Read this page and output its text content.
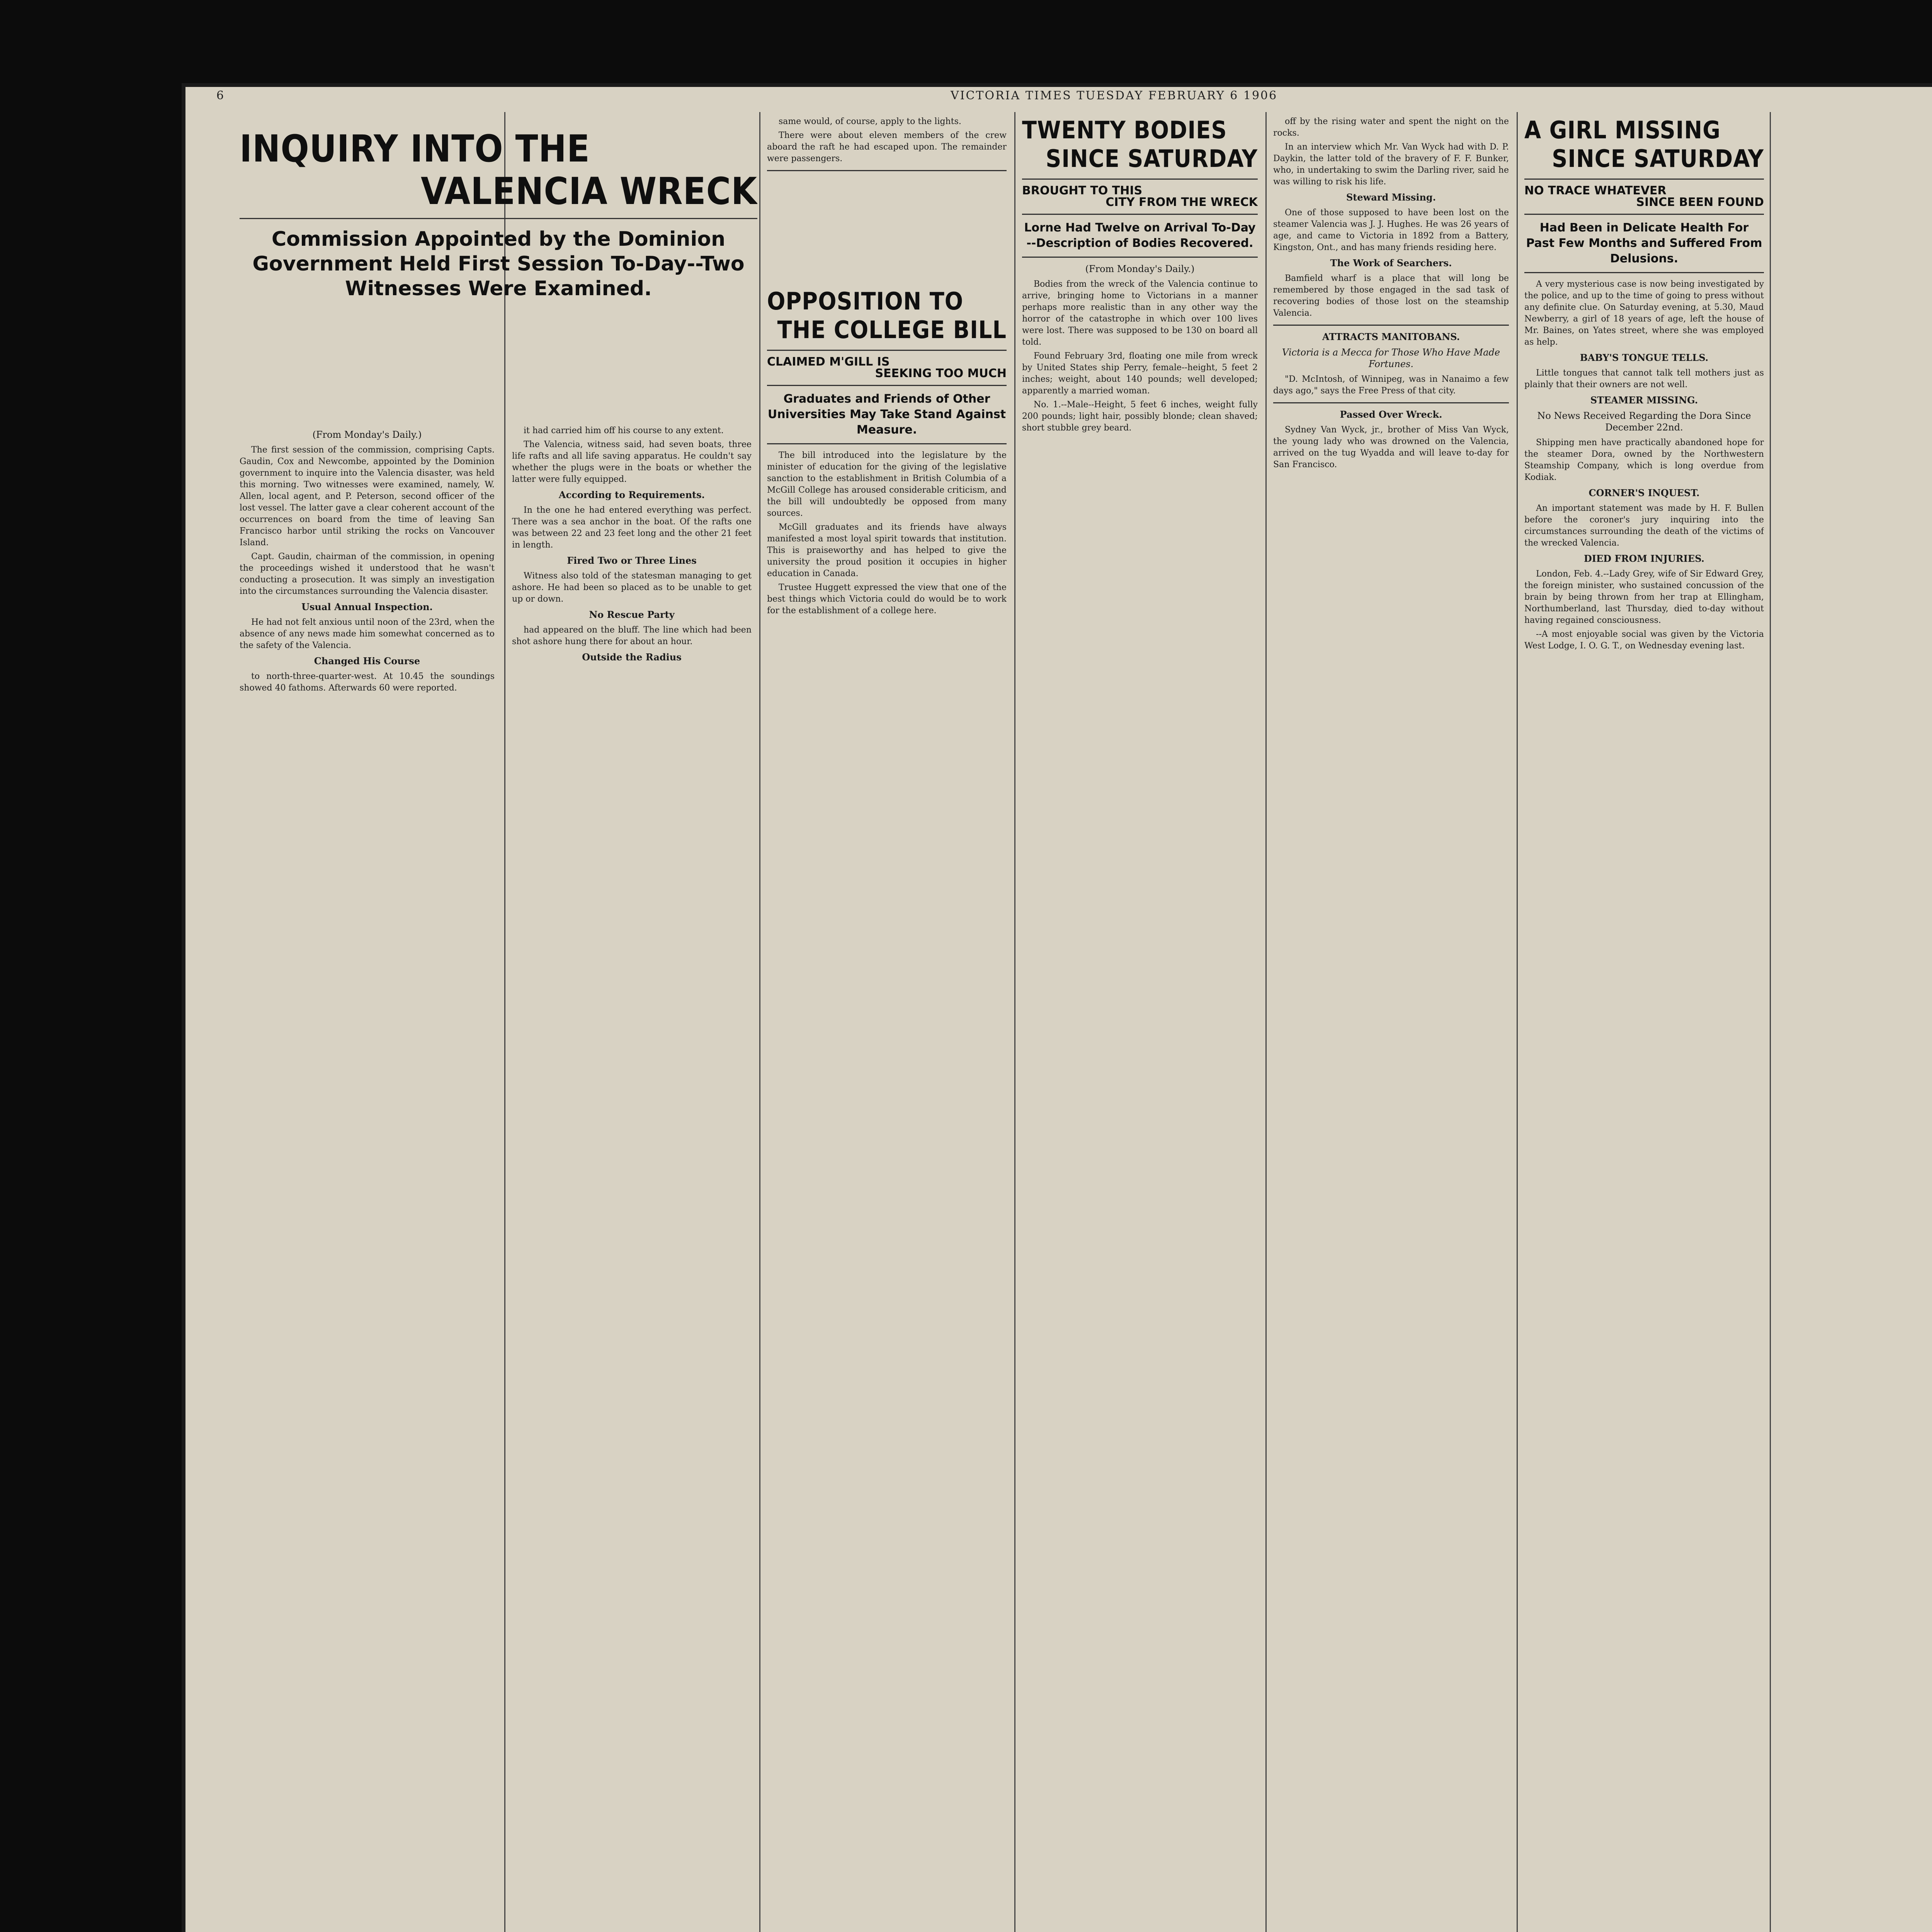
6	VICTORIA TIMES TUESDAY FEBRUARY 6 1906
INQUIRY INTO THE
VALENCIA WRECK
Commission Appointed by the Dominion Government Held First Session To-Day--Two Witnesses Were Examined.
(From Monday's Daily.)

The first session of the commission, comprising Capts. Gaudin, Cox and Newcombe, appointed by the Dominion government to inquire into the Valencia disaster, was held this morning. Two witnesses were examined, namely, W. Allen, local agent, and P. Peterson, second officer of the lost vessel. The latter gave a clear coherent account of the occurrences on board from the time of leaving San Francisco harbor until striking the rocks on Vancouver Island.

Capt. Gaudin, chairman of the commission, in opening the proceedings wished it understood that he wasn't conducting a prosecution. It was simply an investigation into the circumstances surrounding the Valencia disaster.

Usual Annual Inspection.

He had not felt anxious until noon of the 23rd, when the absence of any news made him somewhat concerned as to the safety of the Valencia.

Changed His Course

to north-three-quarter-west. At 10.45 the soundings showed 40 fathoms. Afterwards 60 were reported.

it had carried him off his course to any extent.

The Valencia, witness said, had seven boats, three life rafts and all life saving apparatus. He couldn't say whether the plugs were in the boats or whether the latter were fully equipped.

According to Requirements.

In the one he had entered everything was perfect. There was a sea anchor in the boat. Of the rafts one was between 22 and 23 feet long and the other 21 feet in length.

Fired Two or Three Lines

Witness also told of the statesman managing to get ashore. He had been so placed as to be unable to get up or down.

No Rescue Party

had appeared on the bluff. The line which had been shot ashore hung there for about an hour.

Outside the Radius

same would, of course, apply to the lights.

There were about eleven members of the crew aboard the raft he had escaped upon. The remainder were passengers.

OPPOSITION TO
THE COLLEGE BILL
CLAIMED M'GILL IS
SEEKING TOO MUCH
Graduates and Friends of Other Universities May Take Stand Against Measure.

The bill introduced into the legislature by the minister of education for the giving of the legislative sanction to the establishment in British Columbia of a McGill College has aroused considerable criticism, and the bill will undoubtedly be opposed from many sources.

McGill graduates and its friends have always manifested a most loyal spirit towards that institution. This is praiseworthy and has helped to give the university the proud position it occupies in higher education in Canada.

Trustee Huggett expressed the view that one of the best things which Victoria could do would be to work for the establishment of a college here.

TWENTY BODIES
SINCE SATURDAY
BROUGHT TO THIS
CITY FROM THE WRECK
Lorne Had Twelve on Arrival To-Day --Description of Bodies Recovered.
(From Monday's Daily.)

Bodies from the wreck of the Valencia continue to arrive, bringing home to Victorians in a manner perhaps more realistic than in any other way the horror of the catastrophe in which over 100 lives were lost. There was supposed to be 130 on board all told.

Found February 3rd, floating one mile from wreck by United States ship Perry, female--height, 5 feet 2 inches; weight, about 140 pounds; well developed; apparently a married woman.

No. 1.--Male--Height, 5 feet 6 inches, weight fully 200 pounds; light hair, possibly blonde; clean shaved; short stubble grey beard.

off by the rising water and spent the night on the rocks.

In an interview which Mr. Van Wyck had with D. P. Daykin, the latter told of the bravery of F. F. Bunker, who, in undertaking to swim the Darling river, said he was willing to risk his life.

Steward Missing.

One of those supposed to have been lost on the steamer Valencia was J. J. Hughes. He was 26 years of age, and came to Victoria in 1892 from a Battery, Kingston, Ont., and has many friends residing here.

The Work of Searchers.

Bamfield wharf is a place that will long be remembered by those engaged in the sad task of recovering bodies of those lost on the steamship Valencia.

ATTRACTS MANITOBANS.
Victoria is a Mecca for Those Who Have Made Fortunes.

"D. McIntosh, of Winnipeg, was in Nanaimo a few days ago," says the Free Press of that city.

Passed Over Wreck.

Sydney Van Wyck, jr., brother of Miss Van Wyck, the young lady who was drowned on the Valencia, arrived on the tug Wyadda and will leave to-day for San Francisco.

A GIRL MISSING
SINCE SATURDAY
NO TRACE WHATEVER
SINCE BEEN FOUND
Had Been in Delicate Health For Past Few Months and Suffered From Delusions.

A very mysterious case is now being investigated by the police, and up to the time of going to press without any definite clue. On Saturday evening, at 5.30, Maud Newberry, a girl of 18 years of age, left the house of Mr. Baines, on Yates street, where she was employed as help.

BABY'S TONGUE TELLS.

Little tongues that cannot talk tell mothers just as plainly that their owners are not well.

STEAMER MISSING.
No News Received Regarding the Dora Since December 22nd.

Shipping men have practically abandoned hope for the steamer Dora, owned by the Northwestern Steamship Company, which is long overdue from Kodiak.

CORNER'S INQUEST.

An important statement was made by H. F. Bullen before the coroner's jury inquiring into the circumstances surrounding the death of the victims of the wrecked Valencia.

DIED FROM INJURIES.

London, Feb. 4.--Lady Grey, wife of Sir Edward Grey, the foreign minister, who sustained concussion of the brain by being thrown from her trap at Ellingham, Northumberland, last Thursday, died to-day without having regained consciousness.

--A most enjoyable social was given by the Victoria West Lodge, I. O. G. T., on Wednesday evening last.
